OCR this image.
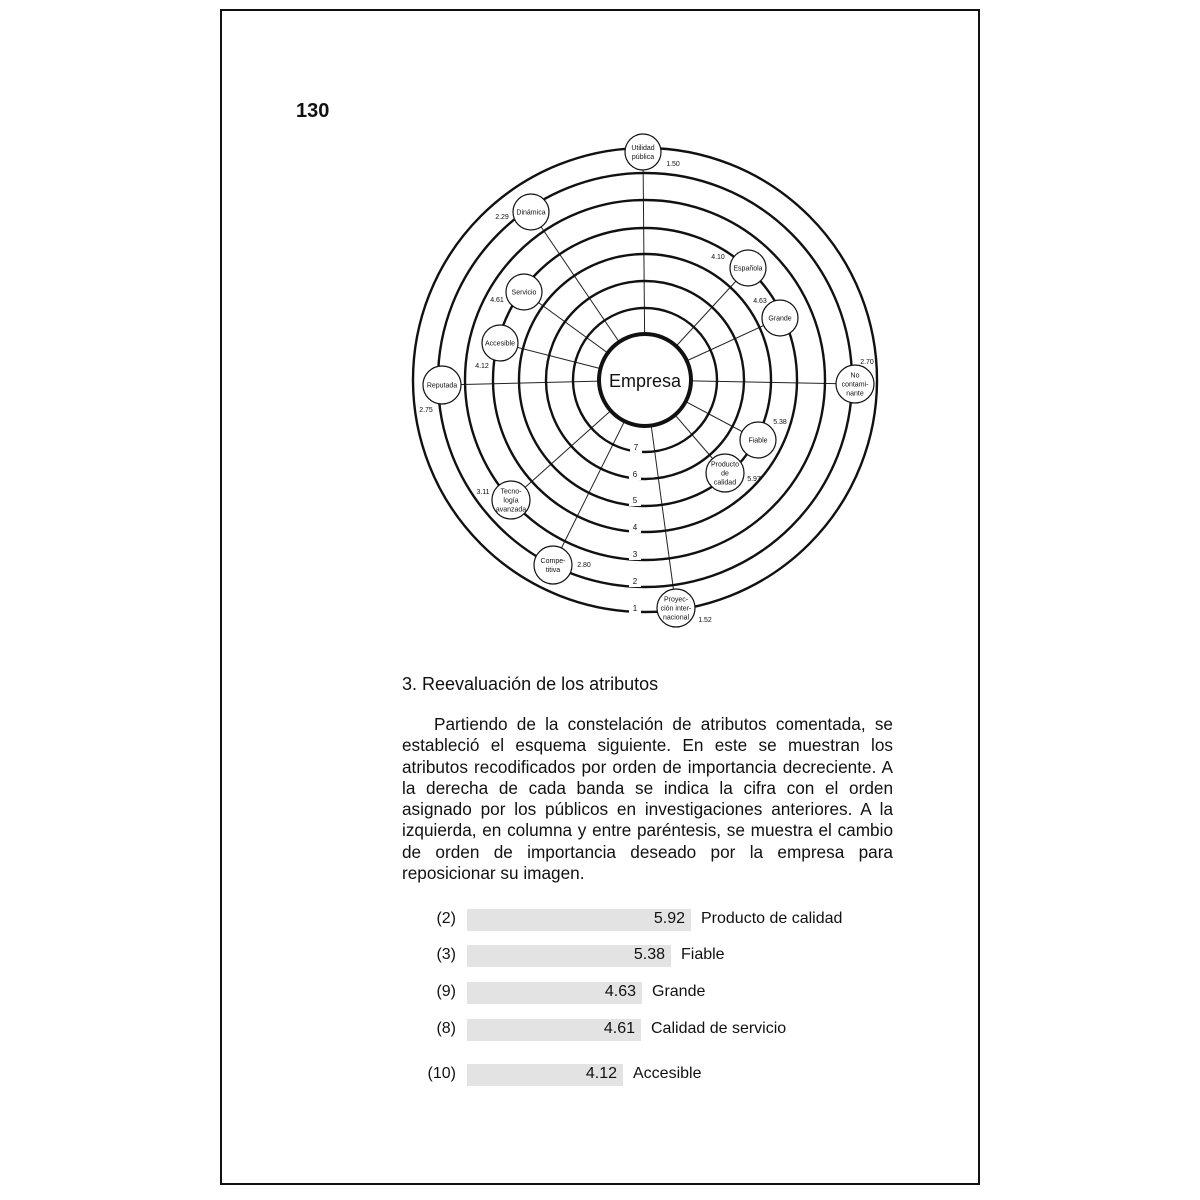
130
Empresa
7
6
5
4
3
2
1
Utilidad
pública
1.50
Dinámica
2.29
Española
4.10
Grande
4.63
Servicio
4.61
Accesible
4.12
No
contami-
nante
2.70
Reputada
2.75
Fiable
5.38
Producto
de
calidad 5.97
Tecno-
logía
avanzada
3.11
Compe-
titiva
2.80
Proyec-
ción inter-
nacional 1.52
3. Reevaluación de los atributos

Partiendo de la constelación de atributos comentada, se estableció el esquema siguiente. En este se muestran los atributos recodificados por orden de importancia decreciente. A la derecha de cada banda se indica la cifra con el orden asignado por los públicos en investigaciones anteriores. A la izquierda, en columna y entre paréntesis, se muestra el cambio de orden de importancia deseado por la empresa para reposicionar su imagen.

(2)	5.92 Producto de calidad
(3)	5.38 Fiable
(9)	4.63 Grande
(8)	4.61 Calidad de servicio
(10)	4.12 Accesible
